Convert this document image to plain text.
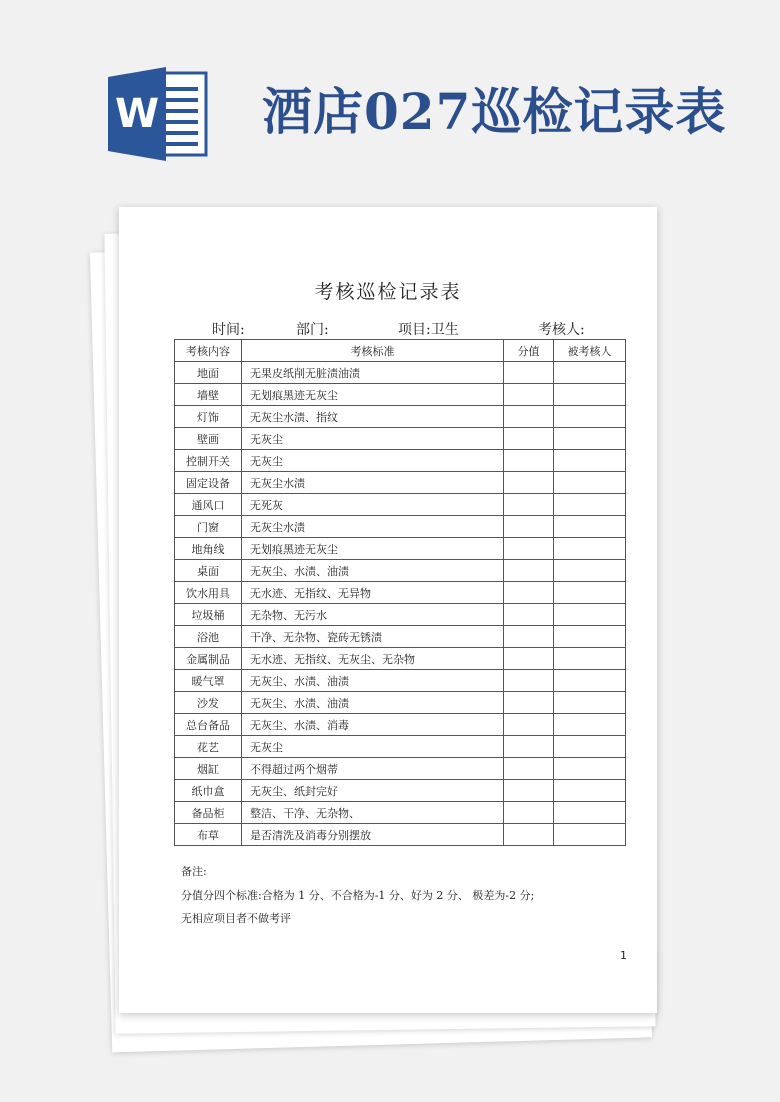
W 酒店027巡检记录表
考核巡检记录表
时间:	部门:	项目:卫生	考核人:
考核内容	考核标准	分值	被考核人
地面	无果皮纸削无脏渍油渍		
墙壁	无划痕黑迹无灰尘		
灯饰	无灰尘水渍、指纹		
壁画	无灰尘		
控制开关	无灰尘		
固定设备	无灰尘水渍		
通风口	无死灰		
门窗	无灰尘水渍		
地角线	无划痕黑迹无灰尘		
桌面	无灰尘、水渍、油渍		
饮水用具	无水迹、无指纹、无异物		
垃圾桶	无杂物、无污水		
浴池	干净、无杂物、瓷砖无锈渍		
金属制品	无水迹、无指纹、无灰尘、无杂物		
暖气罩	无灰尘、水渍、油渍		
沙发	无灰尘、水渍、油渍		
总台备品	无灰尘、水渍、消毒		
花艺	无灰尘		
烟缸	不得超过两个烟蒂		
纸巾盒	无灰尘、纸封完好		
备品柜	整洁、干净、无杂物、		
布草	是否清洗及消毒分别摆放		
备注:
分值分四个标准:合格为 1 分、不合格为-1 分、好为 2 分、 极差为-2 分;
无相应项目者不做考评
1
